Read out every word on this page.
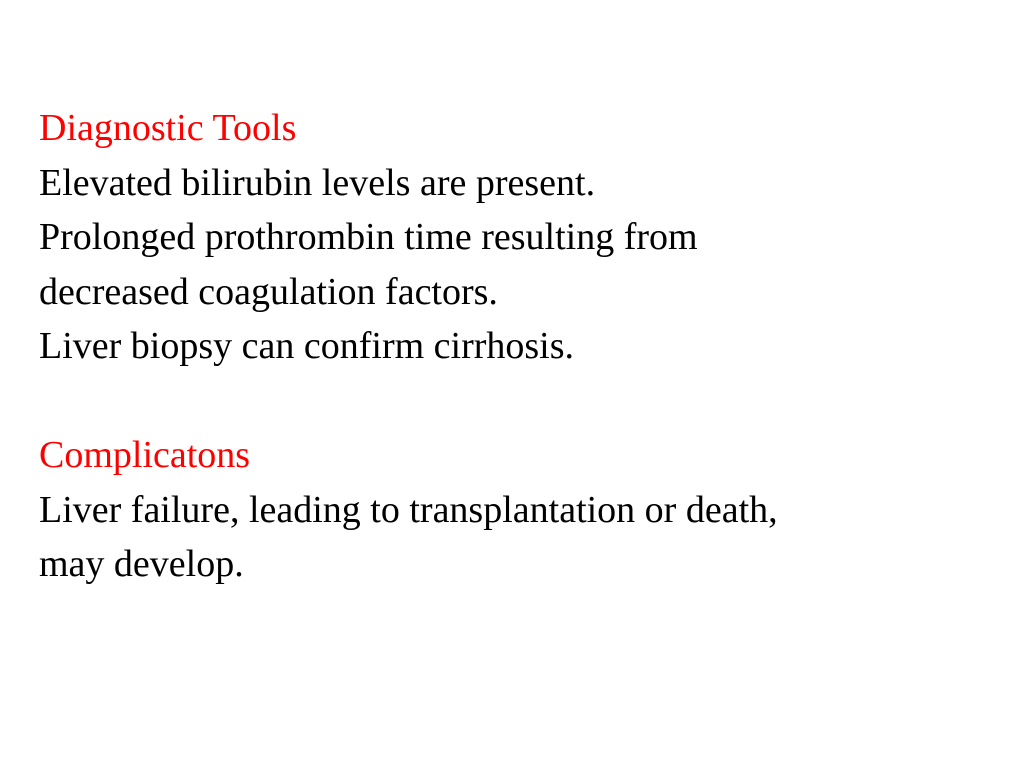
Diagnostic Tools
Elevated bilirubin levels are present.
Prolonged prothrombin time resulting from
decreased coagulation factors.
Liver biopsy can confirm cirrhosis.
Complicatons
Liver failure, leading to transplantation or death,
may develop.
